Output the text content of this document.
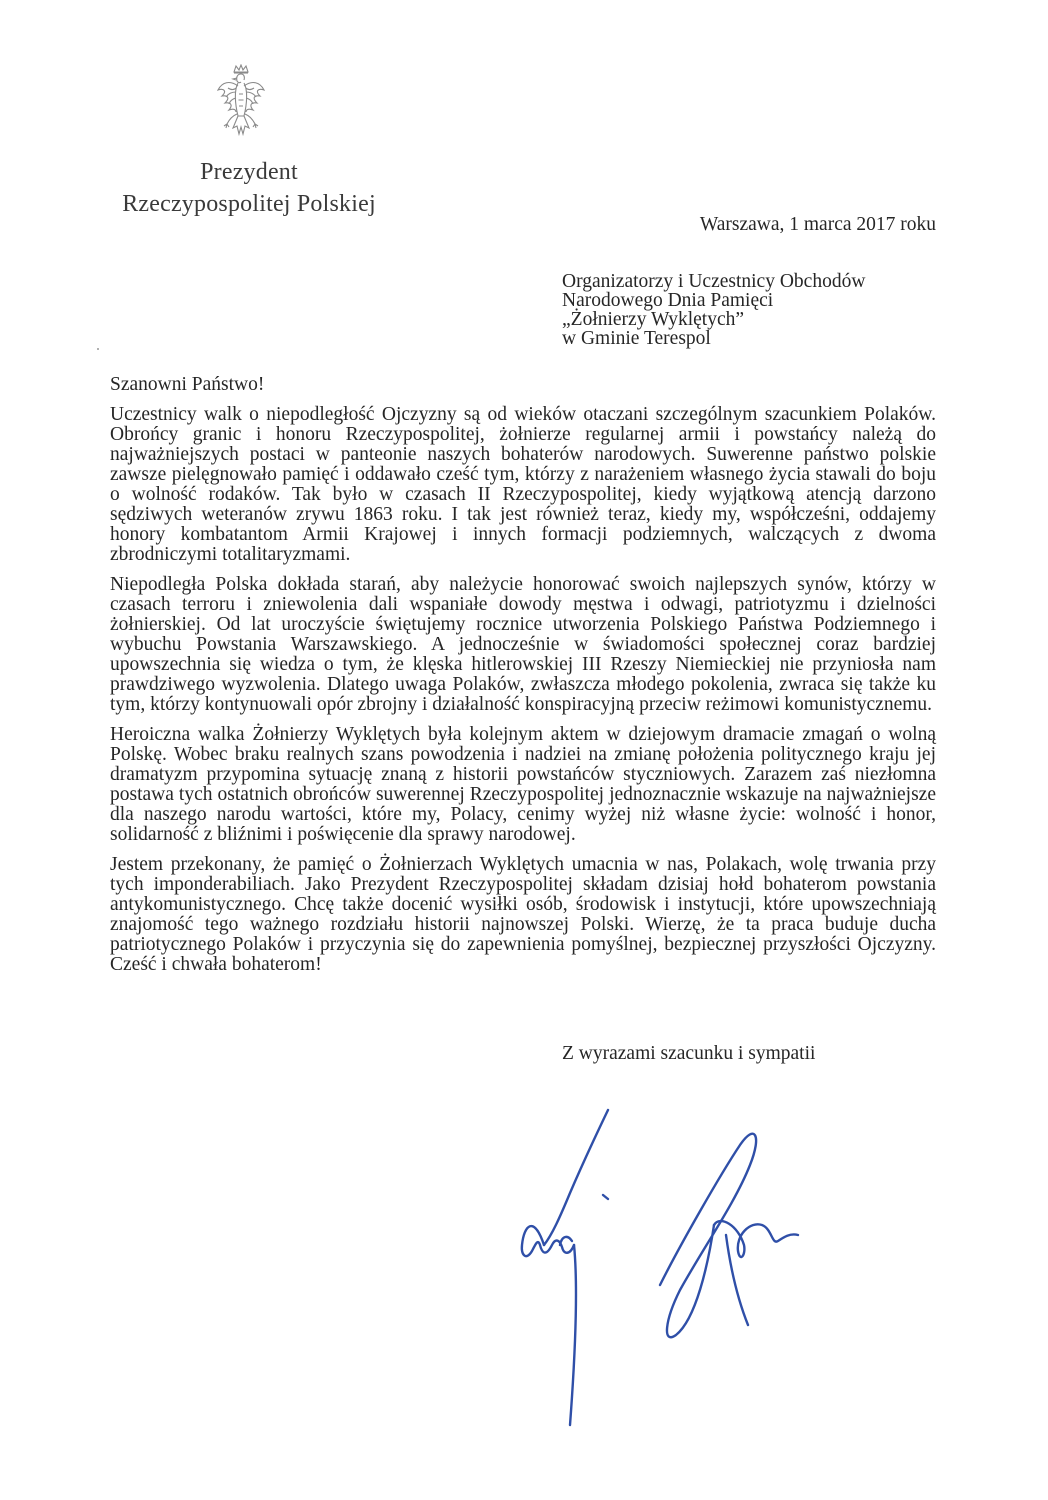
Prezydent
Rzeczypospolitej Polskiej
Warszawa, 1 marca 2017 roku
Organizatorzy i Uczestnicy Obchodów
Narodowego Dnia Pamięci
„Żołnierzy Wyklętych”
w Gminie Terespol
Szanowni Państwo!

Uczestnicy walk o niepodległość Ojczyzny są od wieków otaczani szczególnym szacunkiem Polaków. Obrońcy granic i honoru Rzeczypospolitej, żołnierze regularnej armii i powstańcy należą do najważniejszych postaci w panteonie naszych bohaterów narodowych. Suwerenne państwo polskie zawsze pielęgnowało pamięć i oddawało cześć tym, którzy z narażeniem własnego życia stawali do boju o wolność rodaków. Tak było w czasach II Rzeczypospolitej, kiedy wyjątkową atencją darzono sędziwych weteranów zrywu 1863 roku. I tak jest również teraz, kiedy my, współcześni, oddajemy honory kombatantom Armii Krajowej i innych formacji podziemnych, walczących z dwoma zbrodniczymi totalitaryzmami.

Niepodległa Polska dokłada starań, aby należycie honorować swoich najlepszych synów, którzy w czasach terroru i zniewolenia dali wspaniałe dowody męstwa i odwagi, patriotyzmu i dzielności żołnierskiej. Od lat uroczyście świętujemy rocznice utworzenia Polskiego Państwa Podziemnego i wybuchu Powstania Warszawskiego. A jednocześnie w świadomości społecznej coraz bardziej upowszechnia się wiedza o tym, że klęska hitlerowskiej III Rzeszy Niemieckiej nie przyniosła nam prawdziwego wyzwolenia. Dlatego uwaga Polaków, zwłaszcza młodego pokolenia, zwraca się także ku tym, którzy kontynuowali opór zbrojny i działalność konspiracyjną przeciw reżimowi komunistycznemu.

Heroiczna walka Żołnierzy Wyklętych była kolejnym aktem w dziejowym dramacie zmagań o wolną Polskę. Wobec braku realnych szans powodzenia i nadziei na zmianę położenia politycznego kraju jej dramatyzm przypomina sytuację znaną z historii powstańców styczniowych. Zarazem zaś niezłomna postawa tych ostatnich obrońców suwerennej Rzeczypospolitej jednoznacznie wskazuje na najważniejsze dla naszego narodu wartości, które my, Polacy, cenimy wyżej niż własne życie: wolność i honor, solidarność z bliźnimi i poświęcenie dla sprawy narodowej.

Jestem przekonany, że pamięć o Żołnierzach Wyklętych umacnia w nas, Polakach, wolę trwania przy tych imponderabiliach. Jako Prezydent Rzeczypospolitej składam dzisiaj hołd bohaterom powstania antykomunistycznego. Chcę także docenić wysiłki osób, środowisk i instytucji, które upowszechniają znajomość tego ważnego rozdziału historii najnowszej Polski. Wierzę, że ta praca buduje ducha patriotycznego Polaków i przyczynia się do zapewnienia pomyślnej, bezpiecznej przyszłości Ojczyzny. Cześć i chwała bohaterom!

Z wyrazami szacunku i sympatii
